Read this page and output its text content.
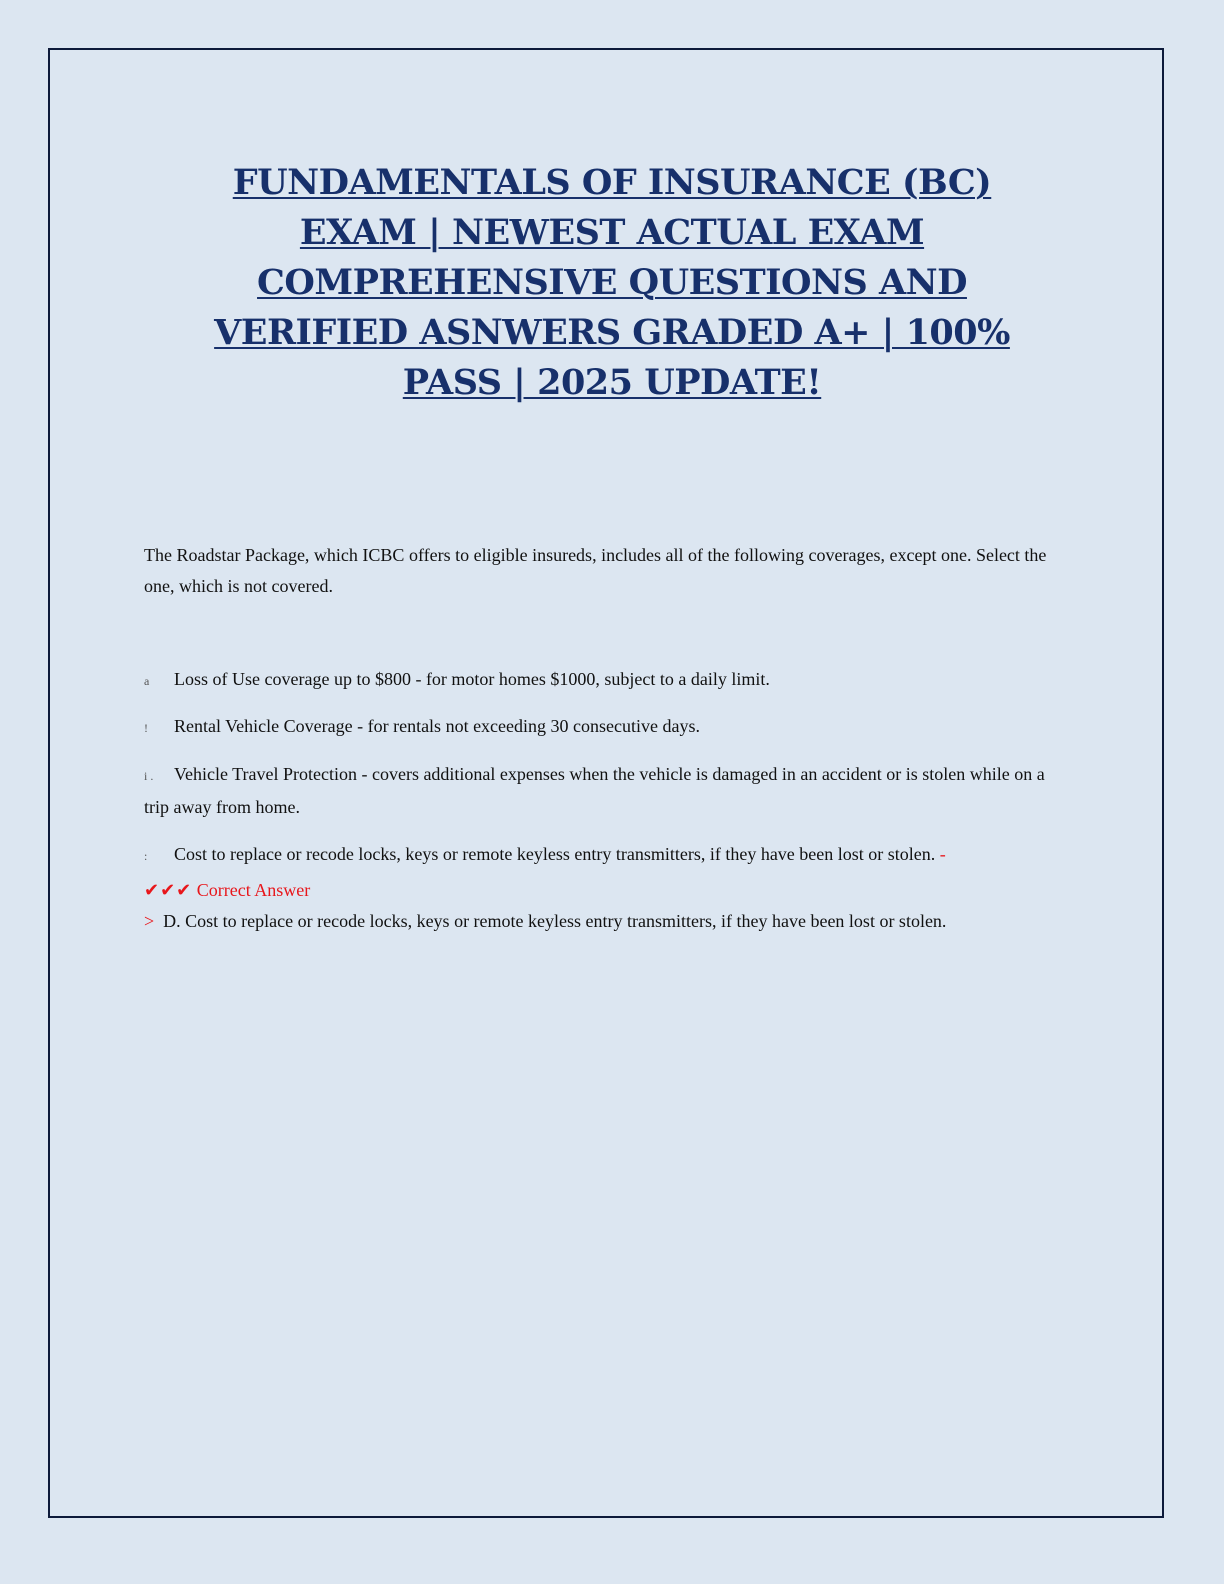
FUNDAMENTALS OF INSURANCE (BC)
EXAM | NEWEST ACTUAL EXAM
COMPREHENSIVE QUESTIONS AND
VERIFIED ASNWERS GRADED A+ | 100%
PASS | 2025 UPDATE!

The Roadstar Package, which ICBC offers to eligible insureds, includes all of the following coverages, except one. Select the one, which is not covered.

a Loss of Use coverage up to $800 - for motor homes $1000, subject to a daily limit.

! Rental Vehicle Coverage - for rentals not exceeding 30 consecutive days.

i . Vehicle Travel Protection - covers additional expenses when the vehicle is damaged in an accident or is stolen while on a trip away from home.

: Cost to replace or recode locks, keys or remote keyless entry transmitters, if they have been lost or stolen. -

✔✔✔ Correct Answer

> D. Cost to replace or recode locks, keys or remote keyless entry transmitters, if they have been lost or stolen.
